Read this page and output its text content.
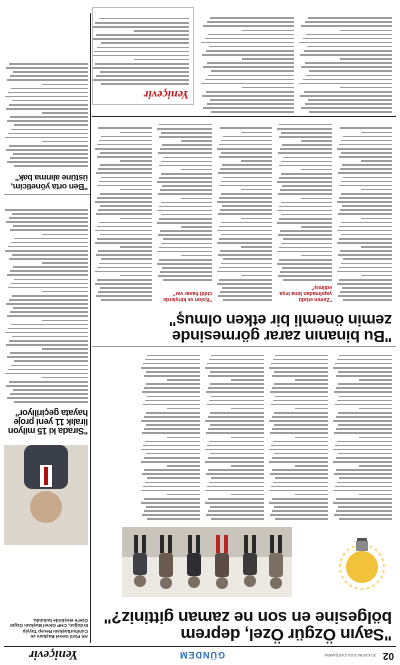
02
20 KASIM 2024 ÇARŞAMBA
GÜNDEM
Yeniçevir
"Sayın Özgür Özel, deprem
bölgesine en son ne zaman gittiniz?"
AK Parti Genel Başkanı ve Cumhurbaşkanı Recep Tayyip Erdoğan, CHP Genel Başkanı Özgür Özel'e eleştiride bulundu.
"Sırada ki 15 milyon
liralık 11 yeni proje
hayata geçiriliyor"
"Bu binanın zarar görmesinde
zemin önemli bir etken olmuş"
"Zemin etüdü yapılmadan bina inşa edilmiş"
"Kolon ve kirişlerde ciddi hasar var"
"Ben orta yöneticim,
üstüne alınma bak"
Yeniçevir
